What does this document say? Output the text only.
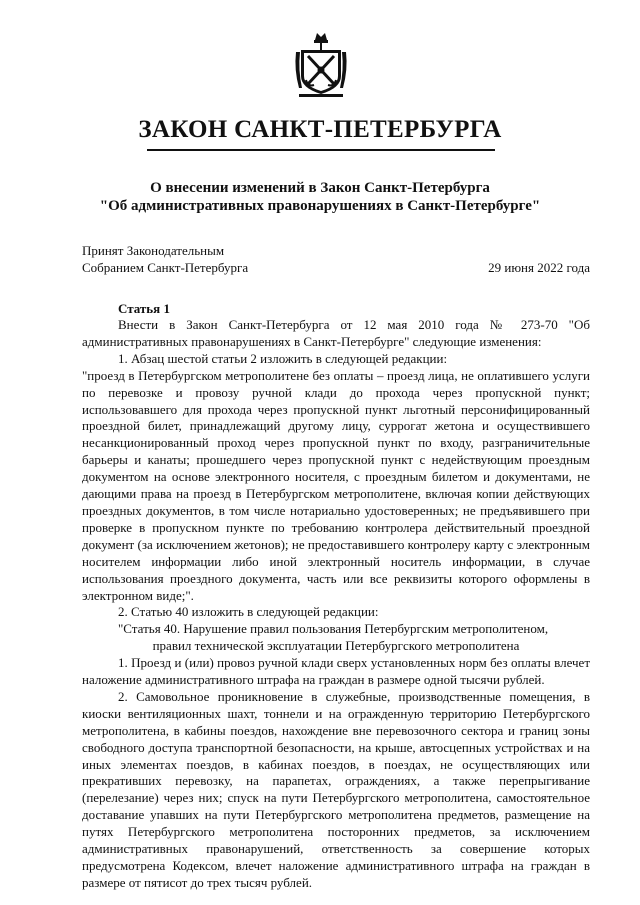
ЗАКОН САНКТ-ПЕТЕРБУРГА
О внесении изменений в Закон Санкт-Петербурга
"Об административных правонарушениях в Санкт-Петербурге"
Принят Законодательным
Собранием Санкт-Петербурга	29 июня 2022 года
Статья 1

Внести в Закон Санкт-Петербурга от 12 мая 2010 года № 273-70 "Об административных правонарушениях в Санкт-Петербурге" следующие изменения:

1. Абзац шестой статьи 2 изложить в следующей редакции:

"проезд в Петербургском метрополитене без оплаты – проезд лица, не оплатившего услуги по перевозке и провозу ручной клади до прохода через пропускной пункт; использовавшего для прохода через пропускной пункт льготный персонифицированный проездной билет, принадлежащий другому лицу, суррогат жетона и осуществившего несанкционированный проход через пропускной пункт по входу, разграничительные барьеры и канаты; прошедшего через пропускной пункт с недействующим проездным документом на основе электронного носителя, с проездным билетом и документами, не дающими права на проезд в Петербургском метрополитене, включая копии действующих проездных документов, в том числе нотариально удостоверенных; не предъявившего при проверке в пропускном пункте по требованию контролера действительный проездной документ (за исключением жетонов); не предоставившего контролеру карту с электронным носителем информации либо иной электронный носитель информации, в случае использования проездного документа, часть или все реквизиты которого оформлены в электронном виде;".

2. Статью 40 изложить в следующей редакции:

"Статья 40. Нарушение правил пользования Петербургским метрополитеном,

правил технической эксплуатации Петербургского метрополитена

1. Проезд и (или) провоз ручной клади сверх установленных норм без оплаты влечет наложение административного штрафа на граждан в размере одной тысячи рублей.

2. Самовольное проникновение в служебные, производственные помещения, в киоски вентиляционных шахт, тоннели и на огражденную территорию Петербургского метрополитена, в кабины поездов, нахождение вне перевозочного сектора и границ зоны свободного доступа транспортной безопасности, на крыше, автосцепных устройствах и на иных элементах поездов, в кабинах поездов, в поездах, не осуществляющих или прекративших перевозку, на парапетах, ограждениях, а также перепрыгивание (перелезание) через них; спуск на пути Петербургского метрополитена, самостоятельное доставание упавших на пути Петербургского метрополитена предметов, размещение на путях Петербургского метрополитена посторонних предметов, за исключением административных правонарушений, ответственность за совершение которых предусмотрена Кодексом, влечет наложение административного штрафа на граждан в размере от пятисот до трех тысяч рублей.
